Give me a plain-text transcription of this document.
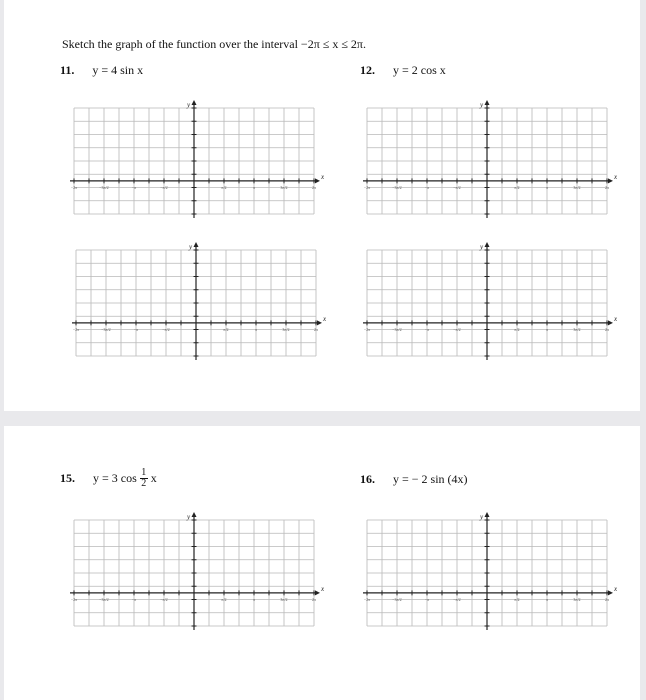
Sketch the graph of the function over the interval −2π ≤ x ≤ 2π.
11. y = 4 sin x	12. y = 2 cos x
x
y
−2π	−3π/2	−π	−π/2	π/2	π	3π/2	2π
x
y
−2π	−3π/2	−π	−π/2	π/2	π	3π/2	2π
x
y
−2π	−3π/2	−π	−π/2	π/2	π	3π/2	2π
x
y
−2π	−3π/2	−π	−π/2	π/2	π	3π/2	2π
15. y = 3 $\cos \frac{1}{2}$ x	16. y = − 2 sin (4x)
x
y
−2π	−3π/2	−π	−π/2	π/2	π	3π/2	2π
x
y
−2π	−3π/2	−π	−π/2	π/2	π	3π/2	2π
